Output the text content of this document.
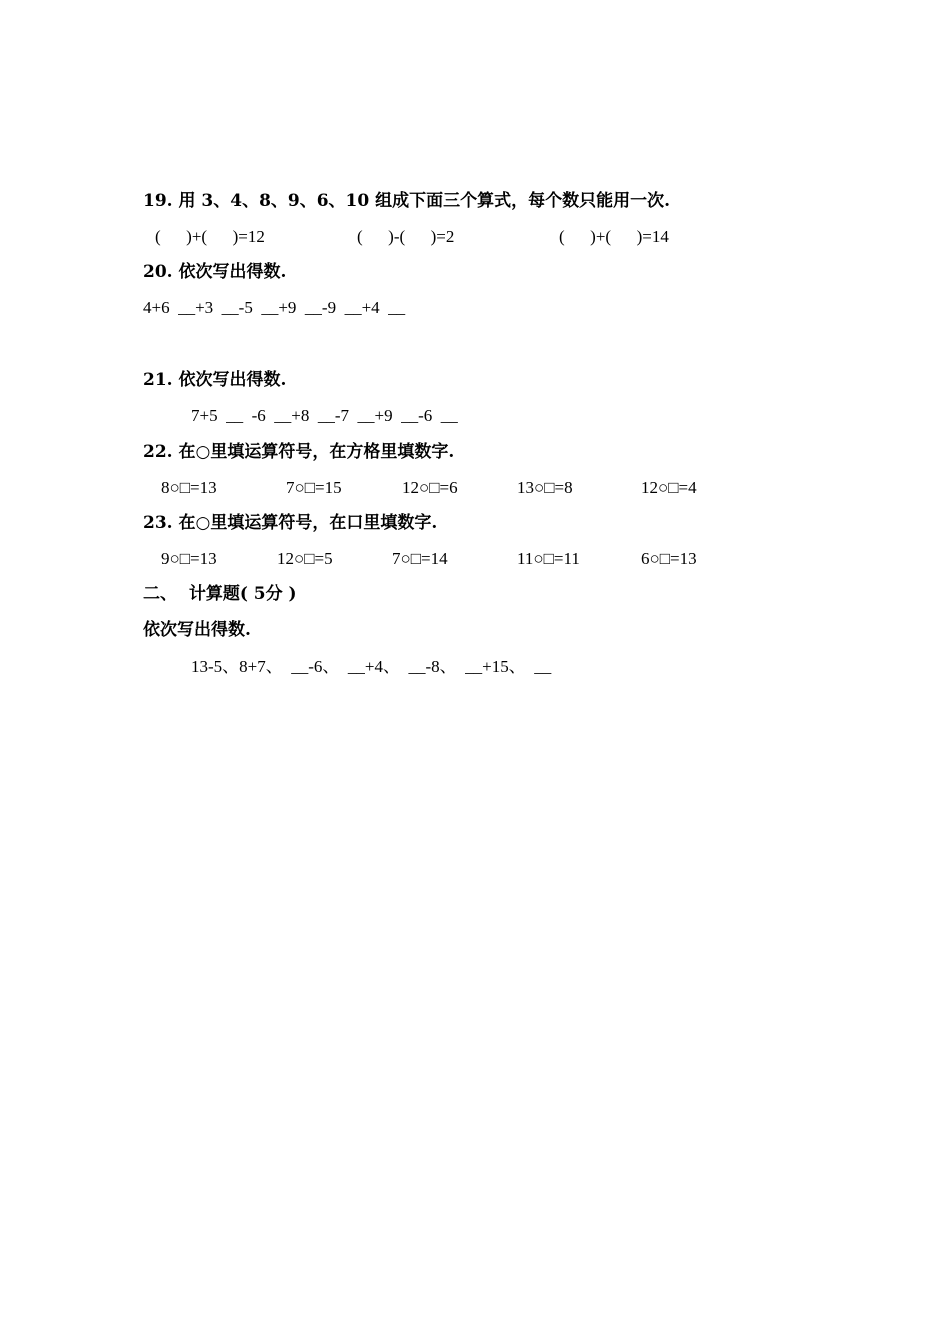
19. 用 3、4、8、9、6、10 组成下面三个算式，每个数只能用一次.
(      )+(      )=12	(      )-(      )=2	(      )+(      )=14
20. 依次写出得数.
4+6  __+3  __-5  __+9  __-9  __+4  __
21. 依次写出得数.
7+5  __  -6  __+8  __-7  __+9  __-6  __
22. 在○里填运算符号，在方格里填数字.
8○□=13	7○□=15	12○□=6	13○□=8	12○□=4
23. 在○里填运算符号，在口里填数字.
9○□=13	12○□=5	7○□=14	11○□=11	6○□=13
二、  计算题( 5分 )
依次写出得数.
13-5、8+7、  __-6、  __+4、  __-8、  __+15、  __
